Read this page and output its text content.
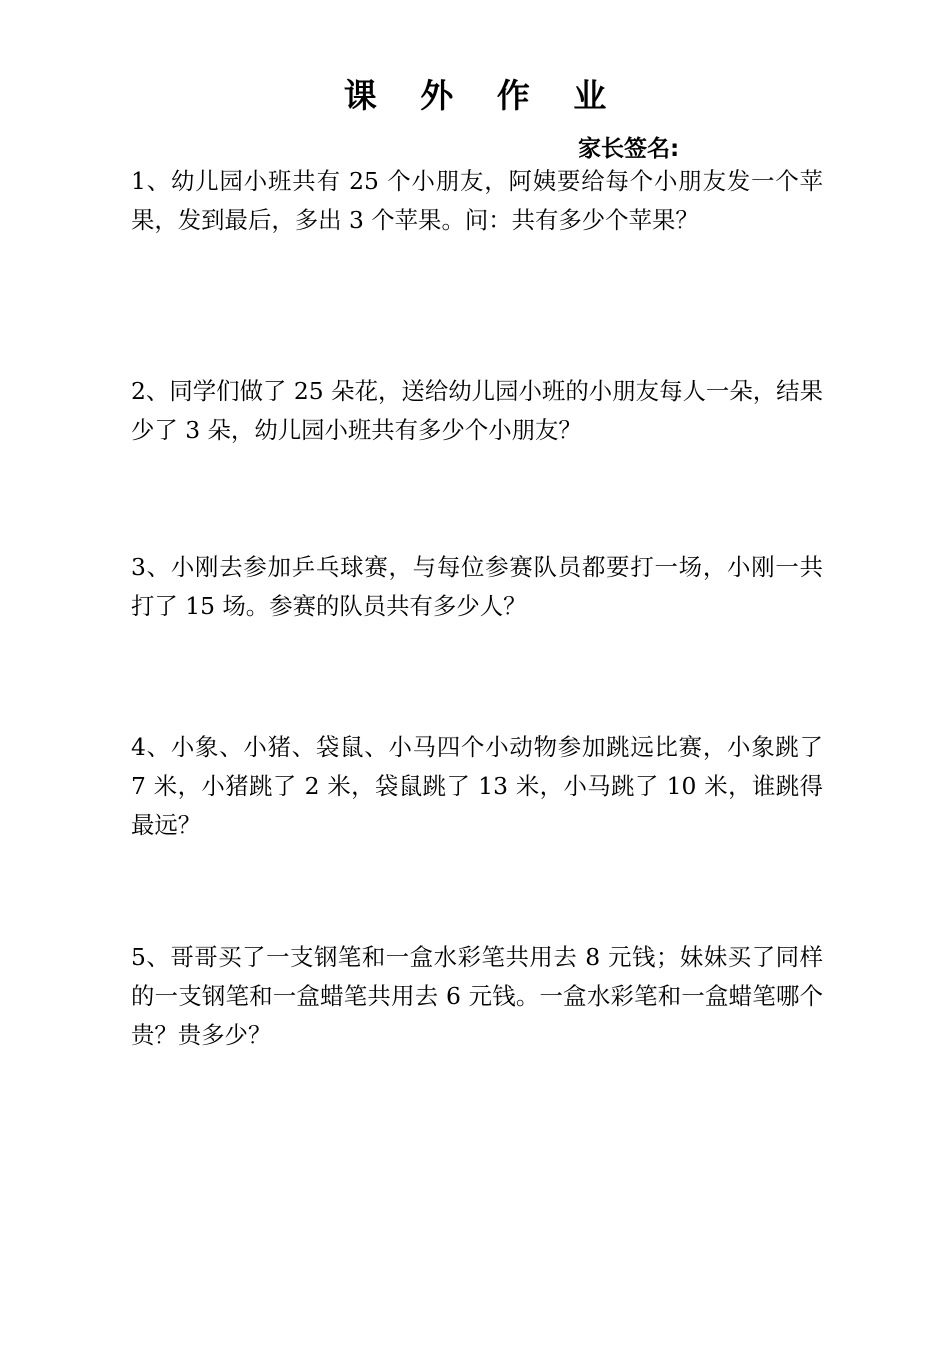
课 外 作 业
家长签名:
1、幼儿园小班共有 25 个小朋友，阿姨要给每个小朋友发一个苹果，发到最后，多出 3 个苹果。问：共有多少个苹果？
2、同学们做了 25 朵花，送给幼儿园小班的小朋友每人一朵，结果少了 3 朵，幼儿园小班共有多少个小朋友？
3、小刚去参加乒乓球赛，与每位参赛队员都要打一场，小刚一共打了 15 场。参赛的队员共有多少人？
4、小象、小猪、袋鼠、小马四个小动物参加跳远比赛，小象跳了 7 米，小猪跳了 2 米，袋鼠跳了 13 米，小马跳了 10 米，谁跳得最远？
5、哥哥买了一支钢笔和一盒水彩笔共用去 8 元钱；妹妹买了同样的一支钢笔和一盒蜡笔共用去 6 元钱。一盒水彩笔和一盒蜡笔哪个贵？贵多少？
